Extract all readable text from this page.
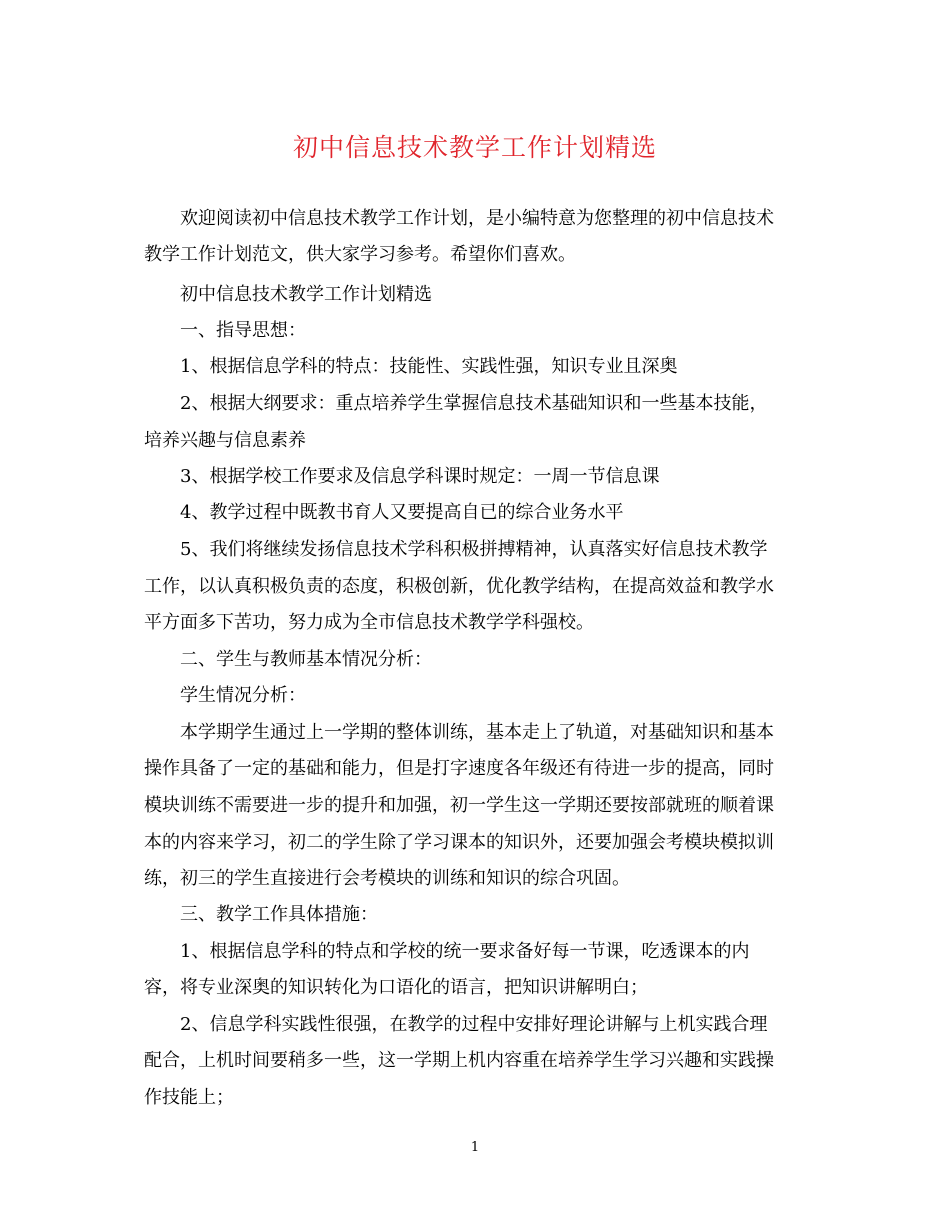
初中信息技术教学工作计划精选
欢迎阅读初中信息技术教学工作计划，是小编特意为您整理的初中信息技术
教学工作计划范文，供大家学习参考。希望你们喜欢。
初中信息技术教学工作计划精选
一、指导思想：
1、根据信息学科的特点：技能性、实践性强，知识专业且深奥
2、根据大纲要求：重点培养学生掌握信息技术基础知识和一些基本技能，
培养兴趣与信息素养
3、根据学校工作要求及信息学科课时规定：一周一节信息课
4、教学过程中既教书育人又要提高自已的综合业务水平
5、我们将继续发扬信息技术学科积极拼搏精神，认真落实好信息技术教学
工作，以认真积极负责的态度，积极创新，优化教学结构，在提高效益和教学水
平方面多下苦功，努力成为全市信息技术教学学科强校。
二、学生与教师基本情况分析：
学生情况分析：
本学期学生通过上一学期的整体训练，基本走上了轨道，对基础知识和基本
操作具备了一定的基础和能力，但是打字速度各年级还有待进一步的提高，同时
模块训练不需要进一步的提升和加强，初一学生这一学期还要按部就班的顺着课
本的内容来学习，初二的学生除了学习课本的知识外，还要加强会考模块模拟训
练，初三的学生直接进行会考模块的训练和知识的综合巩固。
三、教学工作具体措施：
1、根据信息学科的特点和学校的统一要求备好每一节课，吃透课本的内
容，将专业深奥的知识转化为口语化的语言，把知识讲解明白；
2、信息学科实践性很强，在教学的过程中安排好理论讲解与上机实践合理
配合，上机时间要稍多一些，这一学期上机内容重在培养学生学习兴趣和实践操
作技能上；
1
